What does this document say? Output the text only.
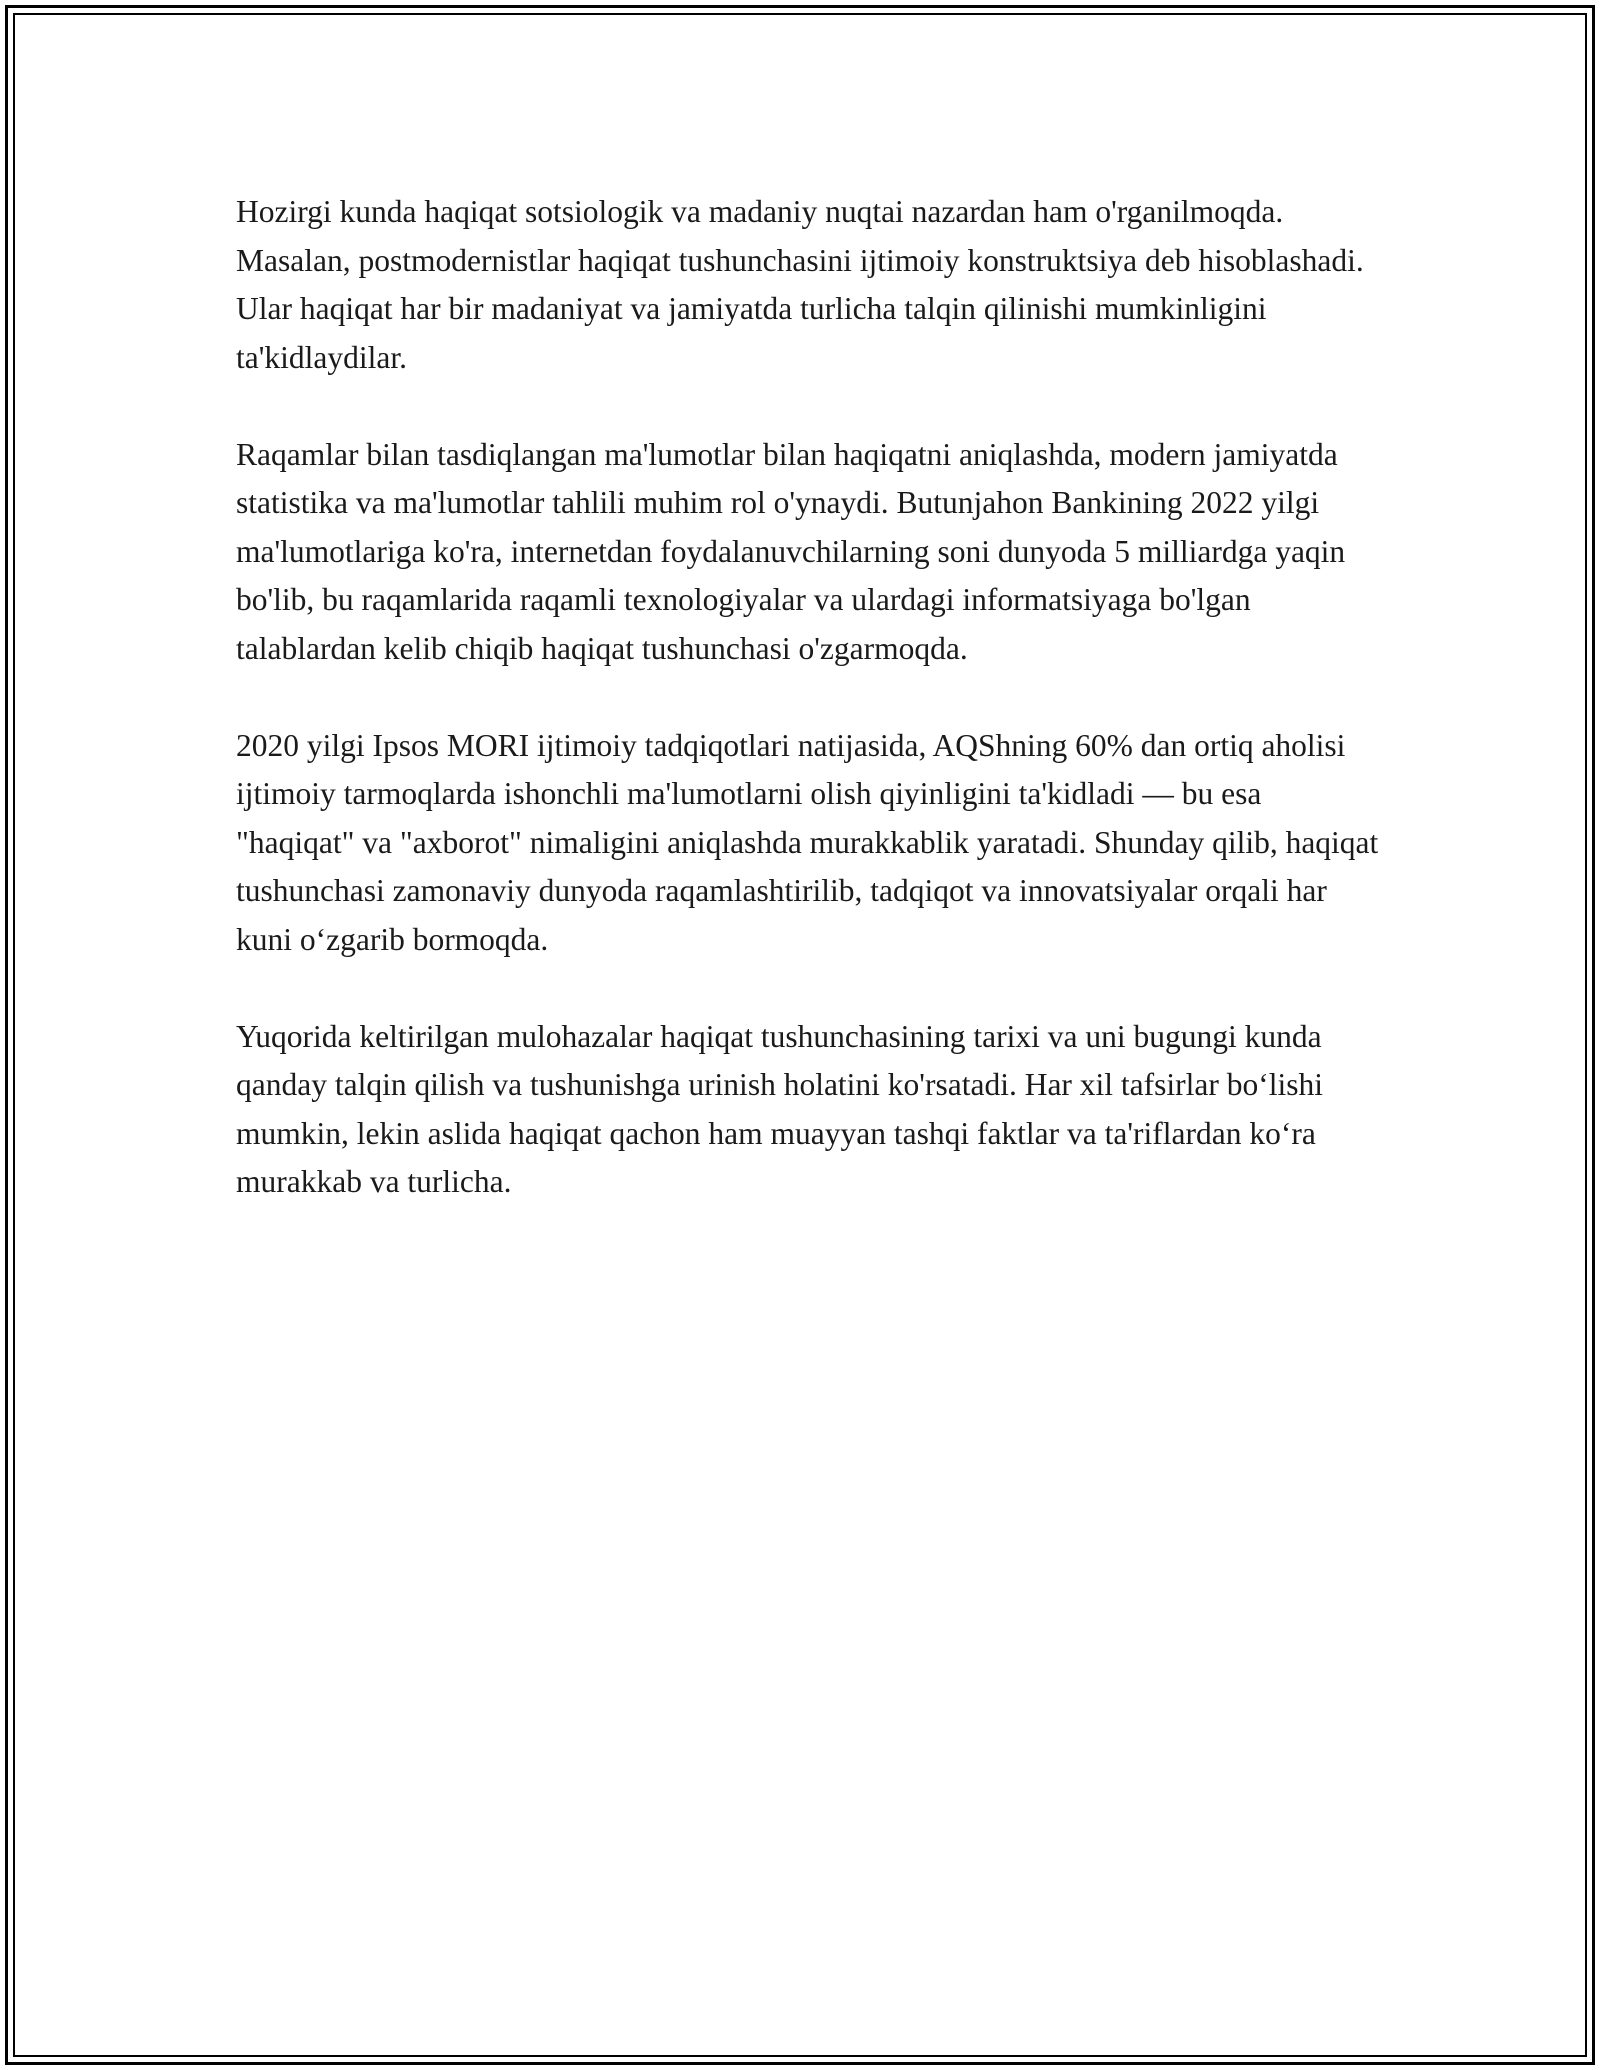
Hozirgi kunda haqiqat sotsiologik va madaniy nuqtai nazardan ham o'rganilmoqda. Masalan, postmodernistlar haqiqat tushunchasini ijtimoiy konstruktsiya deb hisoblashadi. Ular haqiqat har bir madaniyat va jamiyatda turlicha talqin qilinishi mumkinligini ta'kidlaydilar.

Raqamlar bilan tasdiqlangan ma'lumotlar bilan haqiqatni aniqlashda, modern jamiyatda statistika va ma'lumotlar tahlili muhim rol o'ynaydi. Butunjahon Bankining 2022 yilgi ma'lumotlariga ko'ra, internetdan foydalanuvchilarning soni dunyoda 5 milliardga yaqin bo'lib, bu raqamlarida raqamli texnologiyalar va ulardagi informatsiyaga bo'lgan talablardan kelib chiqib haqiqat tushunchasi o'zgarmoqda.

2020 yilgi Ipsos MORI ijtimoiy tadqiqotlari natijasida, AQShning 60% dan ortiq aholisi ijtimoiy tarmoqlarda ishonchli ma'lumotlarni olish qiyinligini ta'kidladi — bu esa "haqiqat" va "axborot" nimaligini aniqlashda murakkablik yaratadi. Shunday qilib, haqiqat tushunchasi zamonaviy dunyoda raqamlashtirilib, tadqiqot va innovatsiyalar orqali har kuni o‘zgarib bormoqda.

Yuqorida keltirilgan mulohazalar haqiqat tushunchasining tarixi va uni bugungi kunda qanday talqin qilish va tushunishga urinish holatini ko'rsatadi. Har xil tafsirlar bo‘lishi mumkin, lekin aslida haqiqat qachon ham muayyan tashqi faktlar va ta'riflardan ko‘ra murakkab va turlicha.
